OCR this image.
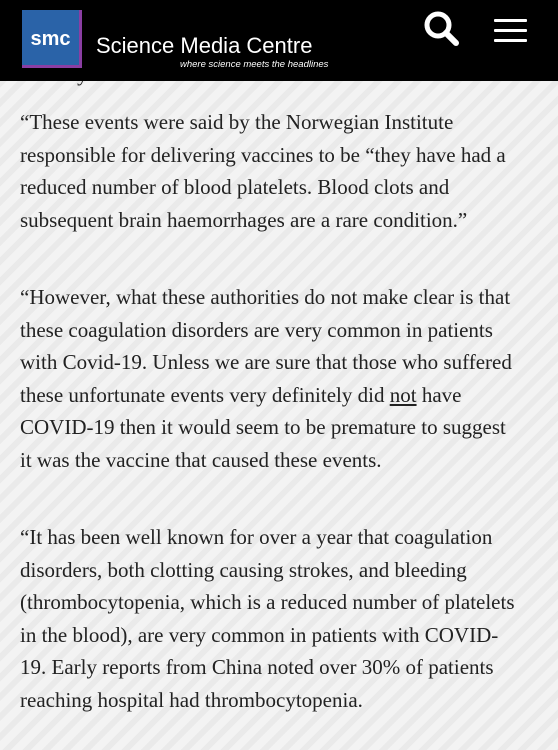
smc	Science Media Centre
where science meets the headlines

“These events were said by the Norwegian Institute responsible for delivering vaccines to be “they have had a reduced number of blood platelets. Blood clots and subsequent brain haemorrhages are a rare condition.”

“However, what these authorities do not make clear is that these coagulation disorders are very common in patients with Covid-19. Unless we are sure that those who suffered these unfortunate events very definitely did not have COVID-19 then it would seem to be premature to suggest it was the vaccine that caused these events.

“It has been well known for over a year that coagulation disorders, both clotting causing strokes, and bleeding (thrombocytopenia, which is a reduced number of platelets in the blood), are very common in patients with COVID-19. Early reports from China noted over 30% of patients reaching hospital had thrombocytopenia.
